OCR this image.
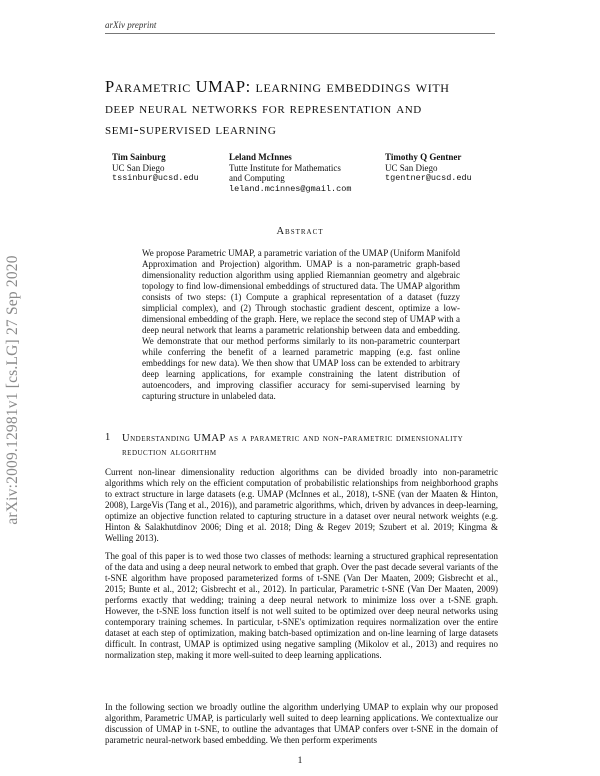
arXiv preprint
arXiv:2009.12981v1 [cs.LG] 27 Sep 2020
Parametric UMAP: learning embeddings with
deep neural networks for representation and
semi-supervised learning
Tim Sainburg
UC San Diego
tssinbur@ucsd.edu
Leland McInnes
Tutte Institute for Mathematics
and Computing
leland.mcinnes@gmail.com
Timothy Q Gentner
UC San Diego
tgentner@ucsd.edu
Abstract

We propose Parametric UMAP, a parametric variation of the UMAP (Uniform Manifold Approximation and Projection) algorithm. UMAP is a non-parametric graph-based dimensionality reduction algorithm using applied Riemannian geometry and algebraic topology to find low-dimensional embeddings of structured data. The UMAP algorithm consists of two steps: (1) Compute a graphical representation of a dataset (fuzzy simplicial complex), and (2) Through stochastic gradient descent, optimize a low-dimensional embedding of the graph. Here, we replace the second step of UMAP with a deep neural network that learns a parametric relationship between data and embedding. We demonstrate that our method performs similarly to its non-parametric counterpart while conferring the benefit of a learned parametric mapping (e.g. fast online embeddings for new data). We then show that UMAP loss can be extended to arbitrary deep learning applications, for example constraining the latent distribution of autoencoders, and improving classifier accuracy for semi-supervised learning by capturing structure in unlabeled data.

1 Understanding UMAP as a parametric and non-parametric dimensionality reduction algorithm

Current non-linear dimensionality reduction algorithms can be divided broadly into non-parametric algorithms which rely on the efficient computation of probabilistic relationships from neighborhood graphs to extract structure in large datasets (e.g. UMAP (McInnes et al., 2018), t-SNE (van der Maaten & Hinton, 2008), LargeVis (Tang et al., 2016)), and parametric algorithms, which, driven by advances in deep-learning, optimize an objective function related to capturing structure in a dataset over neural network weights (e.g. Hinton & Salakhutdinov 2006; Ding et al. 2018; Ding & Regev 2019; Szubert et al. 2019; Kingma & Welling 2013).

The goal of this paper is to wed those two classes of methods: learning a structured graphical representation of the data and using a deep neural network to embed that graph. Over the past decade several variants of the t-SNE algorithm have proposed parameterized forms of t-SNE (Van Der Maaten, 2009; Gisbrecht et al., 2015; Bunte et al., 2012; Gisbrecht et al., 2012). In particular, Parametric t-SNE (Van Der Maaten, 2009) performs exactly that wedding; training a deep neural network to minimize loss over a t-SNE graph. However, the t-SNE loss function itself is not well suited to be optimized over deep neural networks using contemporary training schemes. In particular, t-SNE's optimization requires normalization over the entire dataset at each step of optimization, making batch-based optimization and on-line learning of large datasets difficult. In contrast, UMAP is optimized using negative sampling (Mikolov et al., 2013) and requires no normalization step, making it more well-suited to deep learning applications.

In the following section we broadly outline the algorithm underlying UMAP to explain why our proposed algorithm, Parametric UMAP, is particularly well suited to deep learning applications. We contextualize our discussion of UMAP in t-SNE, to outline the advantages that UMAP confers over t-SNE in the domain of parametric neural-network based embedding. We then perform experiments

1
